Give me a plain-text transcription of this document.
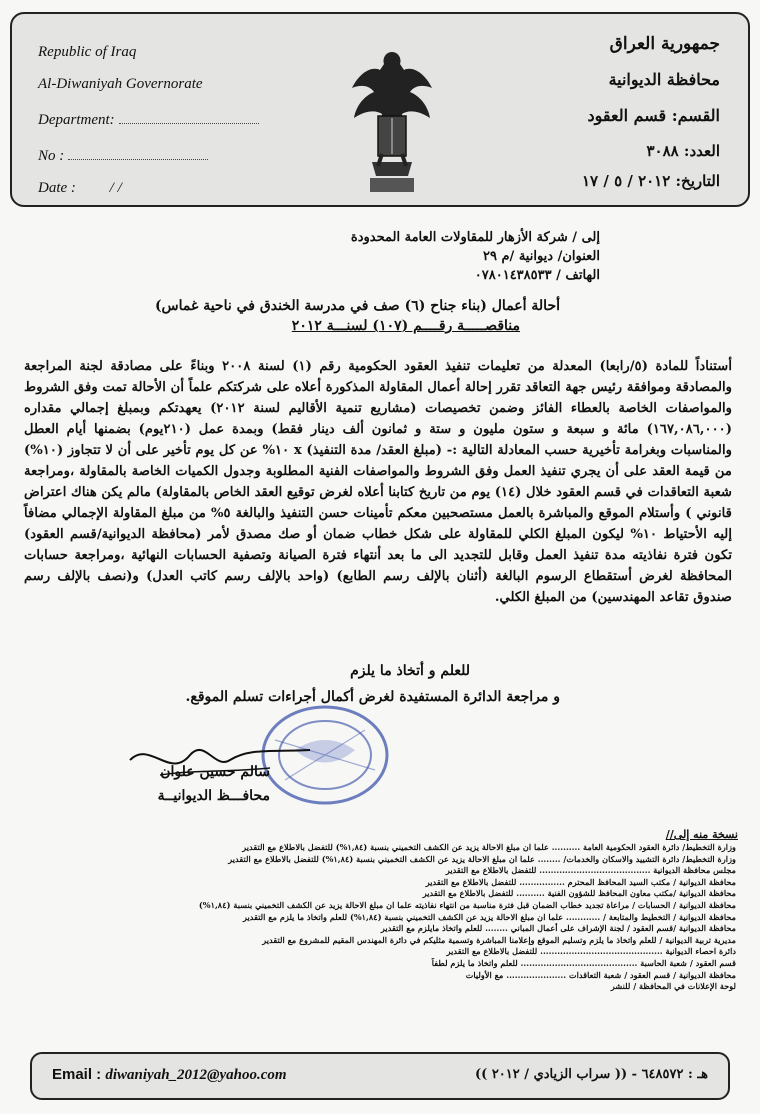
Republic of Iraq
Al-Diwaniyah Governorate
Department:
No :
Date : / /
جمهورية العراق
محافظة الديوانية
القسم: قسم العقود
العدد: ٣٠٨٨
التاريخ: ٢٠١٢ / ٥ / ١٧
إلى / شركة الأزهار للمقاولات العامة المحدودة
العنوان/ ديوانية /م ٢٩
الهاتف / ٠٧٨٠١٤٣٨٥٣٣
أحالة أعمال (بناء جناح (٦) صف في مدرسة الخندق في ناحية غماس)
مناقصـــــة رقــــم (١٠٧) لسنـــة ٢٠١٢
أستناداً للمادة (٥/رابعا) المعدلة من تعليمات تنفيذ العقود الحكومية رقم (١) لسنة ٢٠٠٨ وبناءً على مصادقة لجنة المراجعة والمصادقة وموافقة رئيس جهة التعاقد تقرر إحالة أعمال المقاولة المذكورة أعلاه على شركتكم علماً أن الأحالة تمت وفق الشروط والمواصفات الخاصة بالعطاء الفائز وضمن تخصيصات (مشاريع تنمية الأقاليم لسنة ٢٠١٢) يعهدتكم وبمبلغ إجمالي مقداره (١٦٧,٠٨٦,٠٠٠) مائة و سبعة و ستون مليون و ستة و ثمانون ألف دينار فقط) وبمدة عمل (٢١٠يوم) بضمنها أيام العطل والمناسبات وبغرامة تأخيرية حسب المعادلة التالية :- (مبلغ العقد/ مدة التنفيذ) x ١٠% عن كل يوم تأخير على أن لا تتجاوز (١٠%) من قيمة العقد على أن يجري تنفيذ العمل وفق الشروط والمواصفات الفنية المطلوبة وجدول الكميات الخاصة بالمقاولة ،ومراجعة شعبة التعاقدات في قسم العقود خلال (١٤) يوم من تاريخ كتابنا أعلاه لغرض توقيع العقد الخاص بالمقاولة) مالم يكن هناك اعتراض قانوني ) وأستلام الموقع والمباشرة بالعمل مستصحبين معكم تأمينات حسن التنفيذ والبالغة ٥% من مبلغ المقاولة الإجمالي مضافاً إليه الأحتياط ١٠% ليكون المبلغ الكلي للمقاولة على شكل خطاب ضمان أو صك مصدق لأمر (محافظة الديوانية/قسم العقود) تكون فترة نفاذيته مدة تنفيذ العمل وقابل للتجديد الى ما بعد أنتهاء فترة الصيانة وتصفية الحسابات النهائية ،ومراجعة حسابات المحافظة لغرض أستقطاع الرسوم البالغة (أثنان بالإلف رسم الطابع) (واحد بالإلف رسم كاتب العدل) و(نصف بالإلف رسم صندوق تقاعد المهندسين) من المبلغ الكلي.
للعلم و أتخاذ ما يلزم
و مراجعة الدائرة المستفيدة لغرض أكمال أجراءات تسلم الموقع.
سالم حسين علوان
محافـــظ الديوانيــة
نسخة منه إلى//
وزارة التخطيط/ دائرة العقود الحكومية العامة .......... علما ان مبلغ الاحالة يزيد عن الكشف التخميني بنسبة (١,٨٤%) للتفضل بالاطلاع مع التقدير
وزارة التخطيط/ دائرة التشييد والاسكان والخدمات/ ........ علما ان مبلغ الاحالة يزيد عن الكشف التخميني بنسبة (١,٨٤%) للتفضل بالاطلاع مع التقدير
مجلس محافظة الديوانية ....................................... للتفضل بالاطلاع مع التقدير
محافظة الديوانية / مكتب السيد المحافظ المحترم ................ للتفضل بالاطلاع مع التقدير
محافظة الديوانية /مكتب معاون المحافظ للشؤون الفنية .......... للتفضل بالاطلاع مع التقدير
محافظة الديوانية / الحسابات / مراعاة تجديد خطاب الضمان قبل فترة مناسبة من انتهاء نفاذيته علما ان مبلغ الاحالة يزيد عن الكشف التخميني بنسبة (١,٨٤%)
محافظة الديوانية / التخطيط والمتابعة / ............ علما ان مبلغ الاحالة يزيد عن الكشف التخميني بنسبة (١,٨٤%) للعلم واتخاذ ما يلزم مع التقدير
محافظة الديوانية /قسم العقود / لجنة الإشراف على أعمال المباني ........ للعلم واتخاذ مايلزم مع التقدير
مديرية تربية الديوانية / للعلم واتخاذ ما يلزم وتسليم الموقع وإعلامنا المباشرة وتسمية مثليكم في دائرة المهندس المقيم للمشروع مع التقدير
دائرة احصاء الديوانية ........................................... للتفضل بالاطلاع مع التقدير
قسم العقود / شعبة الحاسبة ......................................... للعلم واتخاذ ما يلزم لطفاً
محافظة الديوانية / قسم العقود / شعبة التعاقدات ..................... مع الأوليات
لوحة الإعلانات في المحافظة / للنشر
Email : diwaniyah_2012@yahoo.com	هـ : ٦٤٨٥٧٢ - (( سراب الزيادي / ٢٠١٢ ))
